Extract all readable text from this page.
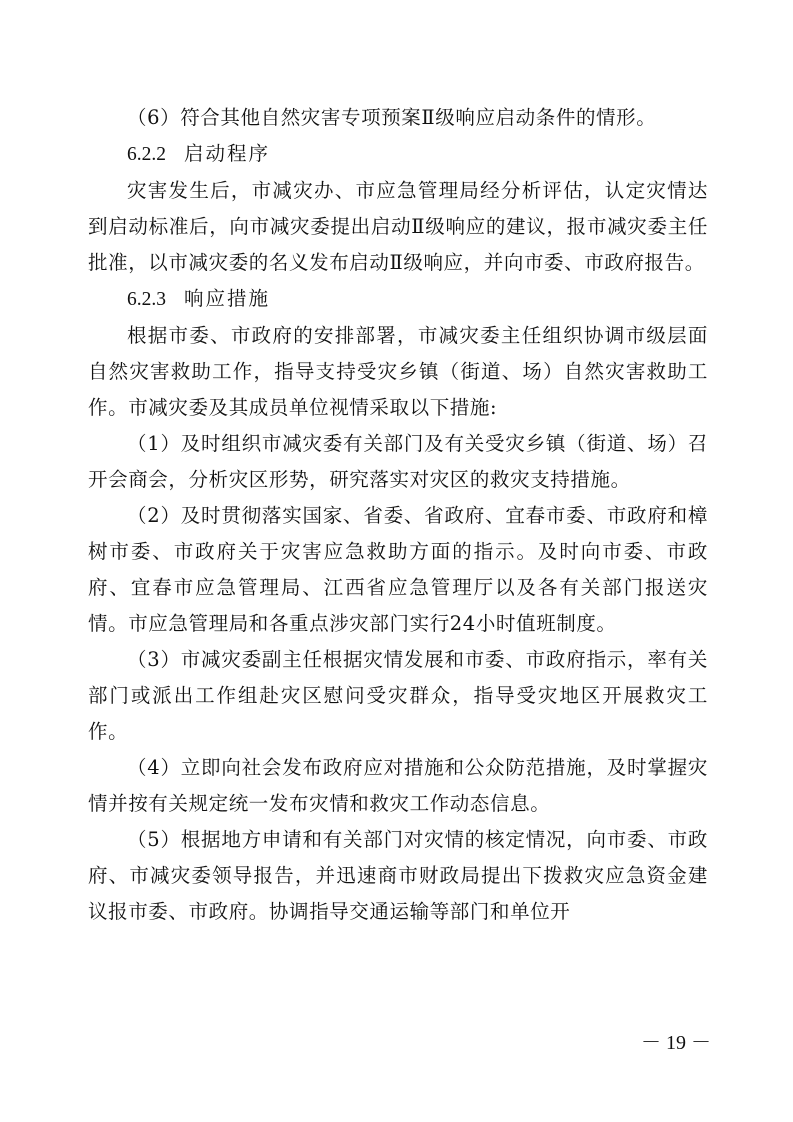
（6）符合其他自然灾害专项预案Ⅱ级响应启动条件的情形。

6.2.2 启动程序

灾害发生后，市减灾办、市应急管理局经分析评估，认定灾情达到启动标准后，向市减灾委提出启动Ⅱ级响应的建议，报市减灾委主任批准，以市减灾委的名义发布启动Ⅱ级响应，并向市委、市政府报告。

6.2.3 响应措施

根据市委、市政府的安排部署，市减灾委主任组织协调市级层面自然灾害救助工作，指导支持受灾乡镇（街道、场）自然灾害救助工作。市减灾委及其成员单位视情采取以下措施:

（1）及时组织市减灾委有关部门及有关受灾乡镇（街道、场）召开会商会，分析灾区形势，研究落实对灾区的救灾支持措施。

（2）及时贯彻落实国家、省委、省政府、宜春市委、市政府和樟树市委、市政府关于灾害应急救助方面的指示。及时向市委、市政府、宜春市应急管理局、江西省应急管理厅以及各有关部门报送灾情。市应急管理局和各重点涉灾部门实行24小时值班制度。

（3）市减灾委副主任根据灾情发展和市委、市政府指示，率有关部门或派出工作组赴灾区慰问受灾群众，指导受灾地区开展救灾工作。

（4）立即向社会发布政府应对措施和公众防范措施，及时掌握灾情并按有关规定统一发布灾情和救灾工作动态信息。

（5）根据地方申请和有关部门对灾情的核定情况，向市委、市政府、市减灾委领导报告，并迅速商市财政局提出下拨救灾应急资金建议报市委、市政府。协调指导交通运输等部门和单位开

－ 19 －
